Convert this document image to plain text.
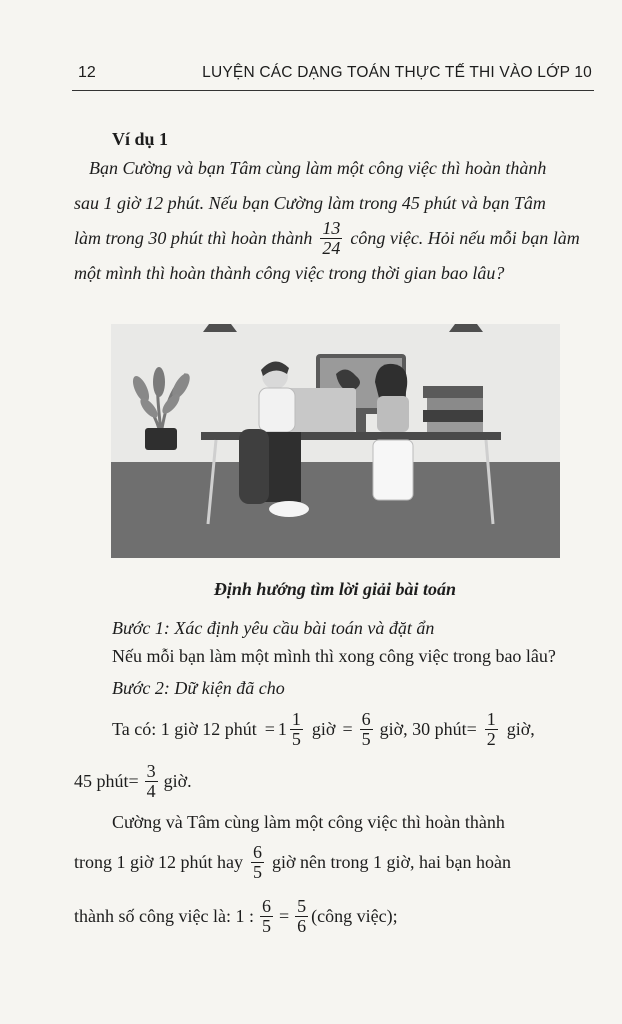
12	LUYỆN CÁC DẠNG TOÁN THỰC TẾ THI VÀO LỚP 10
Ví dụ 1
Bạn Cường và bạn Tâm cùng làm một công việc thì hoàn thành
sau 1 giờ 12 phút. Nếu bạn Cường làm trong 45 phút và bạn Tâm
làm trong 30 phút thì hoàn thành $\frac{13}{24}$ công việc. Hỏi nếu mỗi bạn làm
một mình thì hoàn thành công việc trong thời gian bao lâu?
Định hướng tìm lời giải bài toán
Bước 1: Xác định yêu cầu bài toán và đặt ẩn
Nếu mỗi bạn làm một mình thì xong công việc trong bao lâu?
Bước 2: Dữ kiện đã cho
Ta có: 1 giờ 12 phút = $1 \frac{1}{5}$ giờ = $\frac{6}{5}$ giờ, 30 phút= $\frac{1}{2}$ giờ,
45 phút= $\frac{3}{4}$ giờ.
Cường và Tâm cùng làm một công việc thì hoàn thành
trong 1 giờ 12 phút hay $\frac{6}{5}$ giờ nên trong 1 giờ, hai bạn hoàn
thành số công việc là: 1 : $\frac{6}{5} = \frac{5}{6}$ (công việc);
